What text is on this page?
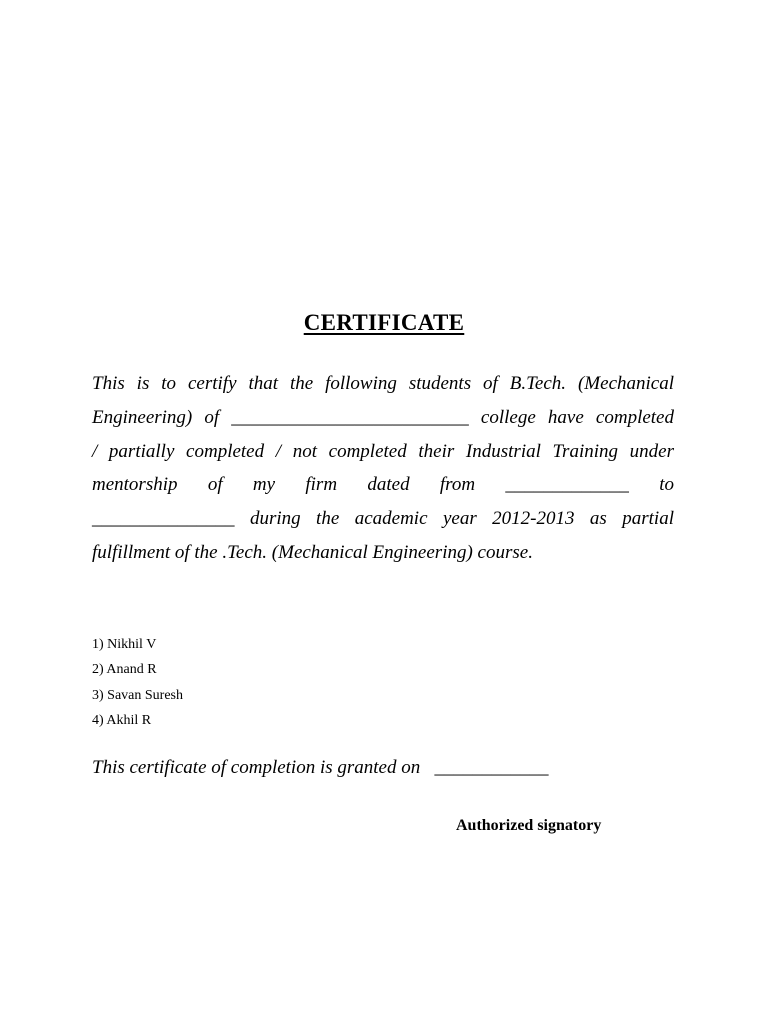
CERTIFICATE
This is to certify that the following students of B.Tech. (Mechanical
Engineering) of _________________________ college have completed
/ partially completed / not completed their Industrial Training under
mentorship of my firm dated from _____________ to
_______________ during the academic year 2012-2013 as partial
fulfillment of the .Tech. (Mechanical Engineering) course.
1) Nikhil V
2) Anand R
3) Savan Suresh
4) Akhil R
This certificate of completion is granted on   ____________
Authorized signatory
